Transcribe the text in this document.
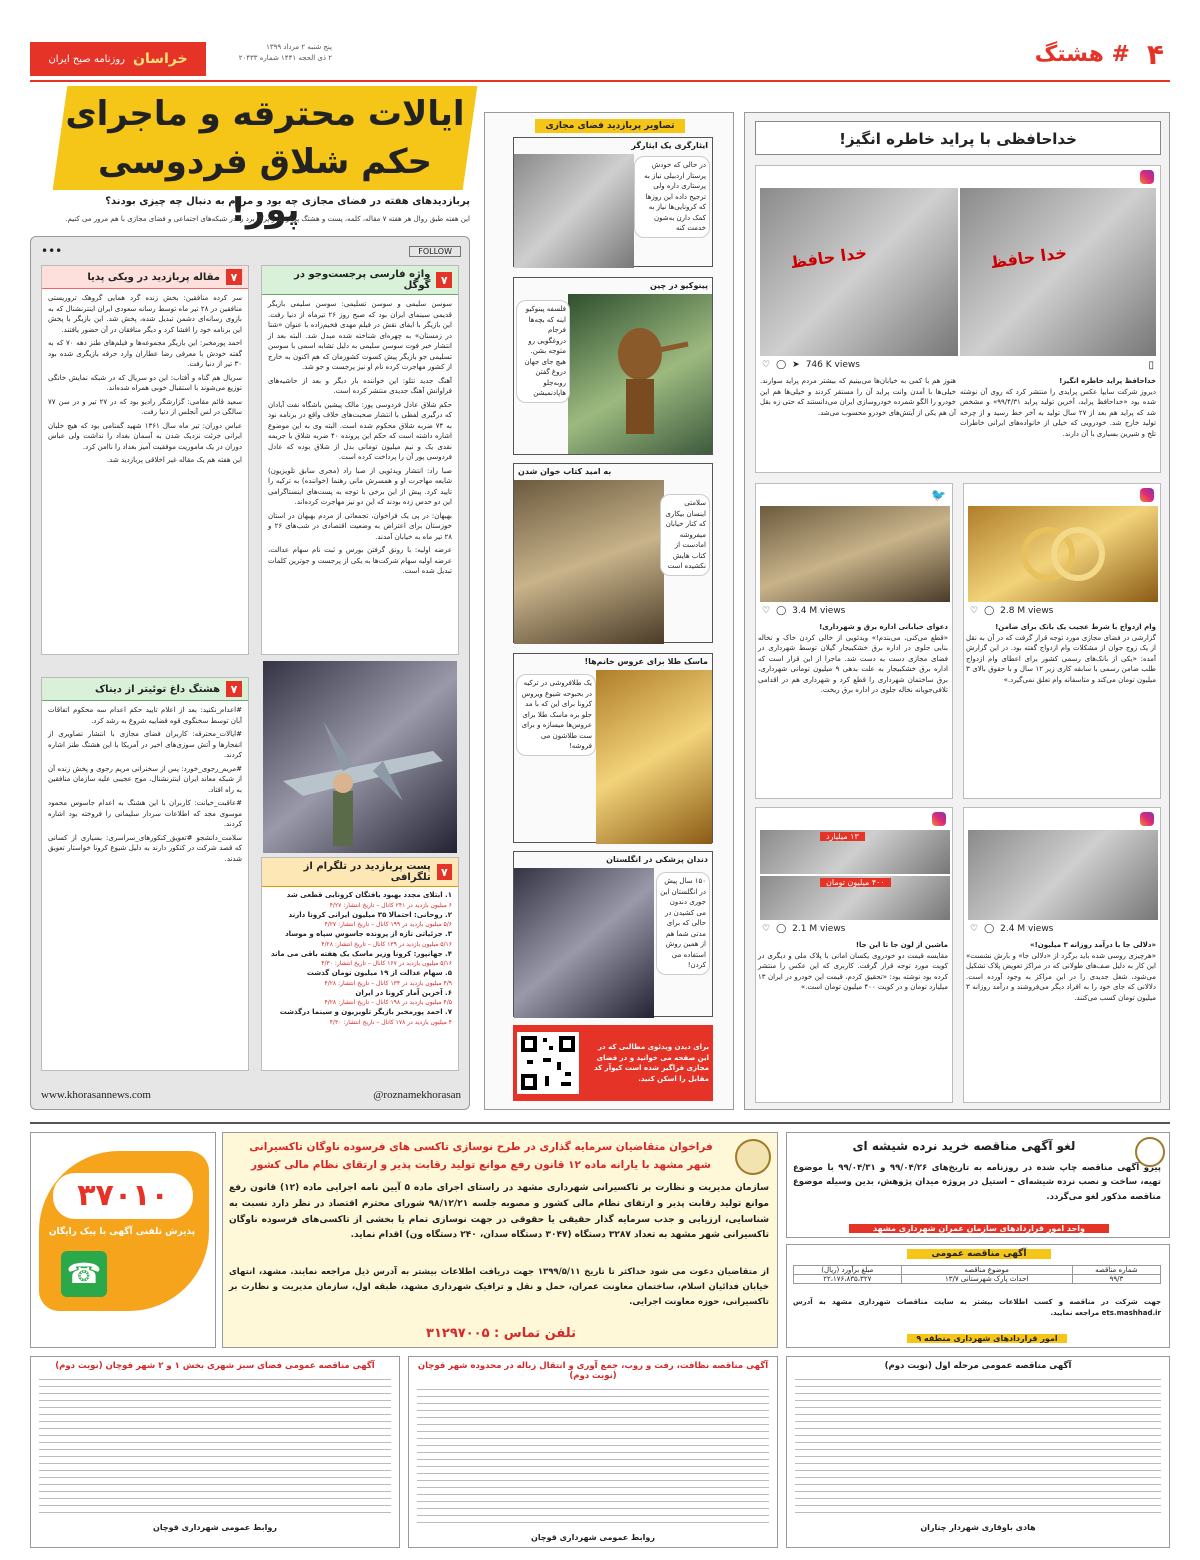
۴
# هشتگ
خراسان
روزنامه صبح ایران
پنج شنبه ۲ مرداد ۱۳۹۹
۲ ذی الحجه ۱۴۴۱ شماره ۲۰۴۳۳
ایالات محترقه و ماجرای
حکم شلاق فردوسی پور!
پربازدیدهای هفته در فضای مجازی چه بود و مردم به دنبال چه چیزی بودند؟
این هفته طبق روال هر هفته ۷ مقاله، کلمه، پست و هشتگ پربازدید و پرکاربرد را در شبکه‌های اجتماعی و فضای مجازی با هم مرور می کنیم.
FOLLOW
•••
۷
واژه فارسی پرجست‌وجو در گوگل

سوسن سلیمی و سوسن تسلیمی: سوسن سلیمی بازیگر قدیمی سینمای ایران بود که صبح روز ۲۶ تیرماه از دنیا رفت. این بازیگر با ایفای نقش در فیلم مهدی فخیم‌زاده با عنوان «شنا در زمستان» به چهره‌ای شناخته شده مبدل شد. البته بعد از انتشار خبر فوت سوسن سلیمی به دلیل تشابه اسمی با سوسن تسلیمی جو بازیگر پیش کسوت کشورمان که هم اکنون به خارج از کشور مهاجرت کرده نام او نیز پرجست و جو شد.

آهنگ جدید تتلو: این خواننده بار دیگر و بعد از حاشیه‌های فراوانش آهنگ جدیدی منتشر کرده است.

حکم شلاق عادل فردوسی پور: مالک پیشین باشگاه نفت آبادان که درگیری لفظی با انتشار صحبت‌های خلاف واقع در برنامه نود به ۷۴ ضربه شلاق محکوم شده است. البته وی به این موضوع اشاره داشته است که حکم این پرونده ۴۰ ضربه شلاق با جریمه نقدی یک و نیم میلیون تومانی بدل از شلاق بوده که عادل فردوسی پور آن را پرداخت کرده است.

صبا راد: انتشار ویدئویی از صبا راد (مجری سابق تلویزیون) شایعه مهاجرت او و همسرش مانی رهنما (خواننده) به ترکیه را تایید کرد. پیش از این برخی با توجه به پست‌های اینستاگرامی این دو حدس زده بودند که این دو نیز مهاجرت کرده‌اند.

بهبهان: در پی یک فراخوان، تجمعاتی از مردم بهبهان در استان خوزستان برای اعتراض به وضعیت اقتصادی در شب‌های ۲۶ و ۲۸ تیر ماه به خیابان آمدند.

عرضه اولیه: با رونق گرفتن بورس و ثبت نام سهام عدالت، عرضه اولیه سهام شرکت‌ها به یکی از پرجست و جوترین کلمات تبدیل شده است.

۷
مقاله پربازدید در ویکی پدیا

سر کرده منافقین: بخش زنده گرد همایی گروهک تروریستی منافقین در ۲۸ تیر ماه توسط رسانه سعودی ایران اینترنشنال که به بازوی رسانه‌ای دشمن تبدیل شده، پخش شد. این بازیگر با پخش این برنامه خود را افشا کرد و دیگر منافقان در آن حضور یافتند.

احمد پورمخبر: این بازیگر مجموعه‌ها و فیلم‌های طنز دهه ۷۰ که به گفته خودش با معرفی رضا عطاران وارد حرفه بازیگری شده بود ۳۰ تیر از دنیا رفت.

سریال هم گناه و آفتاب: این دو سریال که در شبکه نمایش خانگی توزیع می‌شوند با استقبال خوبی همراه شده‌اند.

سعید قائم مقامی: گزارشگر رادیو بود که در ۲۷ تیر و در سن ۷۷ سالگی در لس آنجلس از دنیا رفت.

عباس دوران: تیر ماه سال ۱۳۶۱ شهید گمنامی بود که هیچ خلبان ایرانی جرئت نزدیک شدن به آسمان بغداد را نداشت ولی عباس دوران در یک ماموریت موفقیت آمیز بغداد را ناامن کرد.

این هفته هم یک مقاله غیر اخلاقی پربازدید شد.

۷
هشتگ داغ توئیتر از دیناک

#اعدام_نکنید: بعد از اعلام تایید حکم اعدام سه محکوم اتفاقات آبان توسط سخنگوی قوه قضاییه شروع به رشد کرد.

#ایالات_محترقه: کاربران فضای مجازی با انتشار تصاویری از انفجارها و آتش سوزی‌های اخیر در آمریکا با این هشتگ طنز اشاره کردند.

#مریم_رجوی_خورد: پس از سخنرانی مریم رجوی و پخش زنده آن از شبکه معاند ایران اینترنشنال، موج عجیبی علیه سازمان منافقین به راه افتاد.

#عاقبت_خیانت: کاربران با این هشتگ به اعدام جاسوس محمود موسوی مجد که اطلاعات سردار سلیمانی را فروخته بود اشاره کردند.

سلامت_دانشجو #تعویق_کنکورهای_سراسری: بسیاری از کسانی که قصد شرکت در کنکور دارند به دلیل شیوع کرونا خواستار تعویق شدند.

۷
پست پربازدید در تلگرام از تلگرافی
۱. ابتلای مجدد بهبود یافتگان کرونایی قطعی شد
۶ میلیون بازدید در ۲۴۱ کانال – تاریخ انتشار: ۴/۲۷
۲. روحانی: احتمالا ۳۵ میلیون ایرانی کرونا دارند
۵/۶ میلیون بازدید در ۱۹۹ کانال – تاریخ انتشار: ۴/۲۷
۳. جزئیاتی تازه از پرونده جاسوس سپاه و موساد
۵/۱۶ میلیون بازدید در ۱۳۹ کانال – تاریخ انتشار: ۴/۲۸
۴. جهانپور: کرونا وزیر ماسک یک هفته باقی می ماند
۵/۱۶ میلیون بازدید در ۱۶۷ کانال – تاریخ انتشار: ۴/۳۰
۵. سهام عدالت از ۱۹ میلیون تومان گذشت
۴/۹ میلیون بازدید در ۱۳۴ کانال – تاریخ انتشار: ۴/۲۸
۶. آخرین آمار کرونا در ایران
۴/۵ میلیون بازدید در ۱۹۸ کانال – تاریخ انتشار: ۴/۲۸
۷. احمد پورمخبر بازیگر تلویزیون و سینما درگذشت
۴ میلیون بازدید در ۱۷۸ کانال – تاریخ انتشار: ۴/۳۰
www.khorasannews.com	@roznamekhorasan
تصاویر پربازدید فضای مجازی
ایثارگری یک ایثارگر
در حالی که خودش پرستار اردبیلی نیاز به پرستاری داره ولی ترجیح داده این روزها که کرونایی‌ها نیاز به کمک دارن به‌شون خدمت کنه
پینوکیو در چین
فلسفه پینوکیو اینه که بچه‌ها فرجام دروغگویی رو متوجه بشن. هیچ جای جهان دروغ گفتن روبه‌جلو هاپادنمیشن
به امید کتاب خوان شدن
سلامتی اینسان بیکاری که کنار خیابان میفروشه امادست از کتاب هایش نکشیده است
ماسک طلا برای عروس خانم‌ها!
یک طلافروشی در ترکیه در بحبوحه شیوع ویروس کرونا برای این که با مد جلو بره ماسک طلا برای عروس‌ها میسازه و برای ست طلاشون می فروشه!
دندان پزشکی در انگلستان
۱۵۰ سال پیش در انگلستان این جوری دندون می کشیدن در حالی که برای مدتی شما هم از همین روش استفاده می کردن!
برای دیدن ویدئوی مطالبی که در این صفحه می خوانید و در فضای مجازی فراگیر شده است کیوآر کد مقابل را اسکن کنید.
خداحافظی با پراید خاطره انگیز!
خدا حافظ
خدا حافظ
♡ ◯ ➤ 746 K views	▯
خداحافظ پراید خاطره انگیز!
دیروز شرکت سایپا عکس پرایدی را منتشر کرد که روی آن نوشته شده بود «خداحافظ پراید، آخرین تولید پراید ۹۹/۴/۳۱» و مشخص شد که پراید هم بعد از ۲۷ سال تولید به آخر خط رسید و از چرخه تولید خارج شد. خودرویی که خیلی از خانواده‌های ایرانی خاطرات تلخ و شیرین بسیاری با آن دارند.
هنوز هم با کمی به خیابان‌ها می‌بینیم که بیشتر مردم پراید سوارند. خیلی‌ها با آمدن وانت پراید آن را مستقر کردند و خیلی‌ها هم این خودرو را الگو شمرده خودروسازی ایران می‌دانستند که حتی زه بقل آن هم یکی از آیتش‌های خودرو محسوب می‌شد.
🐦
♡ ◯ 3.4 M views
دعوای خیابانی اداره برق و شهرداری!
«قطع می‌کنی، می‌بندم!» ویدئویی از خالی کردن خاک و نخاله بنایی جلوی در اداره برق خشکبیجار گیلان توسط شهرداری در فضای مجازی دست به دست شد. ماجرا از این قرار است که اداره برق خشکبیجار به علت بدهی ۹ میلیون تومانی شهرداری، برق ساختمان شهرداری را قطع کرد و شهرداری هم در اقدامی تلافی‌جویانه نخاله جلوی در اداره برق ریخت.
♡ ◯ 2.8 M views
وام ازدواج با شرط عجیب یک بانک برای ضامن!
گزارشی در فضای مجازی مورد توجه قرار گرفت که در آن به نقل از یک زوج جوان از مشکلات وام ازدواج گفته بود. در این گزارش آمده: «یکی از بانک‌های رسمی کشور برای اعطای وام ازدواج طلب ضامن رسمی با سابقه کاری زیر ۱۲ سال و با حقوق بالای ۳ میلیون تومان می‌کند و متاسفانه وام تعلق نمی‌گیرد.»
۱۳ میلیارد
۴۰۰ میلیون تومان
♡ ◯ 2.1 M views
ماشین از لون جا تا این جا!
مقایسه قیمت دو خودروی یکسان امانی با پلاک ملی و دیگری در کویت مورد توجه قرار گرفت. کاربری که این عکس را منتشر کرده بود نوشته بود: «تحقیق کردم، قیمت این خودرو در ایران ۱۳ میلیارد تومان و در کویت ۴۰۰ میلیون تومان است.»
♡ ◯ 2.4 M views
«دلالی جا با درآمد روزانه ۳ میلیون!»
«هرچیزی روسی شده باید برگرد از «دلالی جا» و بارش نشست» این کار به دلیل صف‌های طولانی که در مراکز تعویض پلاک تشکیل می‌شود، شغل جدیدی را در این مراکز به وجود آورده است. دلالانی که جای خود را به افراد دیگر می‌فروشند و درآمد روزانه ۳ میلیون تومان کسب می‌کنند.
۳۷۰۱۰
پذیرش تلفنی آگهی با پیک رایگان
☎
فراخوان متقاضیان سرمایه گذاری در طرح نوسازی تاکسی های فرسوده ناوگان تاکسیرانی
شهر مشهد با یارانه ماده ۱۲ قانون رفع موانع تولید رقابت پذیر و ارتقای نظام مالی کشور
سازمان مدیریت و نظارت بر تاکسیرانی شهرداری مشهد در راستای اجرای ماده ۵ آیین نامه اجرایی ماده (۱۲) قانون رفع موانع تولید رقابت پذیر و ارتقای نظام مالی کشور و مصوبه جلسه ۹۸/۱۲/۲۱ شورای محترم اقتصاد در نظر دارد نسبت به شناسایی، ارزیابی و جذب سرمایه گذار حقیقی یا حقوقی در جهت نوسازی تمام یا بخشی از تاکسی‌های فرسوده ناوگان تاکسیرانی شهر مشهد به تعداد ۳۲۸۷ دستگاه (۳۰۴۷ دستگاه سدان، ۲۴۰ دستگاه ون) اقدام نماید.
از متقاضیان دعوت می شود حداکثر تا تاریخ ۱۳۹۹/۵/۱۱ جهت دریافت اطلاعات بیشتر به آدرس ذیل مراجعه نمایند. مشهد، انتهای خیابان فدائیان اسلام، ساختمان معاونت عمران، حمل و نقل و ترافیک شهرداری مشهد، طبقه اول، سازمان مدیریت و نظارت بر تاکسیرانی، حوزه معاونت اجرایی.
تلفن تماس : ۳۱۲۹۷۰۰۵
لغو آگهی مناقصه خرید نرده شیشه ای
پیرو آگهی مناقصه چاپ شده در روزنامه به تاریخ‌های ۹۹/۰۴/۲۶ و ۹۹/۰۴/۳۱ با موضوع تهیه، ساخت و نصب نرده شیشه‌ای – استیل در پروژه میدان پژوهش، بدین وسیله موضوع مناقصه مذکور لغو می‌گردد.
واحد امور قراردادهای سازمان عمران شهرداری مشهد
آگهی مناقصه عمومی
شماره مناقصه	موضوع مناقصه	مبلغ برآورد (ریال)
۹۹/۳	احداث پارک شهرستانی ۱۳/۷	۲۲،۱۷۶،۸۳۵،۳۲۷
جهت شرکت در مناقصه و کسب اطلاعات بیشتر به سایت مناقصات شهرداری مشهد به آدرس ets.mashhad.ir مراجعه نمایید.
امور قراردادهای شهرداری منطقه ۹
آگهی مناقصه عمومی فضای سبز شهری بخش ۱ و ۲ شهر قوچان (نوبت دوم)
روابط عمومی شهرداری قوچان
آگهی مناقصه نظافت، رفت و روب، جمع آوری و انتقال زباله در محدوده شهر قوچان (نوبت دوم)
روابط عمومی شهرداری قوچان
آگهی مناقصه عمومی مرحله اول (نوبت دوم)
هادی باوقاری شهردار چناران
